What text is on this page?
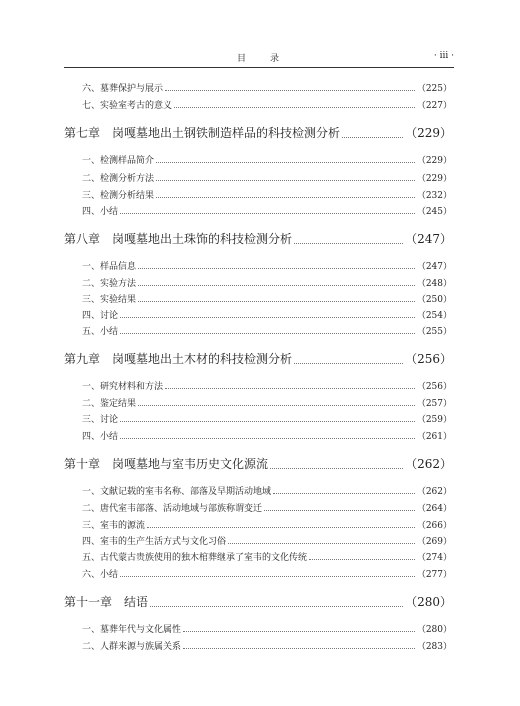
目　　录	· iii ·
六、墓葬保护与展示	（225）
七、实验室考古的意义	（227）
第七章　岗嘎墓地出土钢铁制造样品的科技检测分析	（229）
一、检测样品简介	（229）
二、检测分析方法	（229）
三、检测分析结果	（232）
四、小结	（245）
第八章　岗嘎墓地出土珠饰的科技检测分析	（247）
一、样品信息	（247）
二、实验方法	（248）
三、实验结果	（250）
四、讨论	（254）
五、小结	（255）
第九章　岗嘎墓地出土木材的科技检测分析	（256）
一、研究材料和方法	（256）
二、鉴定结果	（257）
三、讨论	（259）
四、小结	（261）
第十章　岗嘎墓地与室韦历史文化源流	（262）
一、文献记载的室韦名称、部落及早期活动地域	（262）
二、唐代室韦部落、活动地域与部族称谓变迁	（264）
三、室韦的源流	（266）
四、室韦的生产生活方式与文化习俗	（269）
五、古代蒙古贵族使用的独木棺葬继承了室韦的文化传统	（274）
六、小结	（277）
第十一章　结语	（280）
一、墓葬年代与文化属性	（280）
二、人群来源与族属关系	（283）
